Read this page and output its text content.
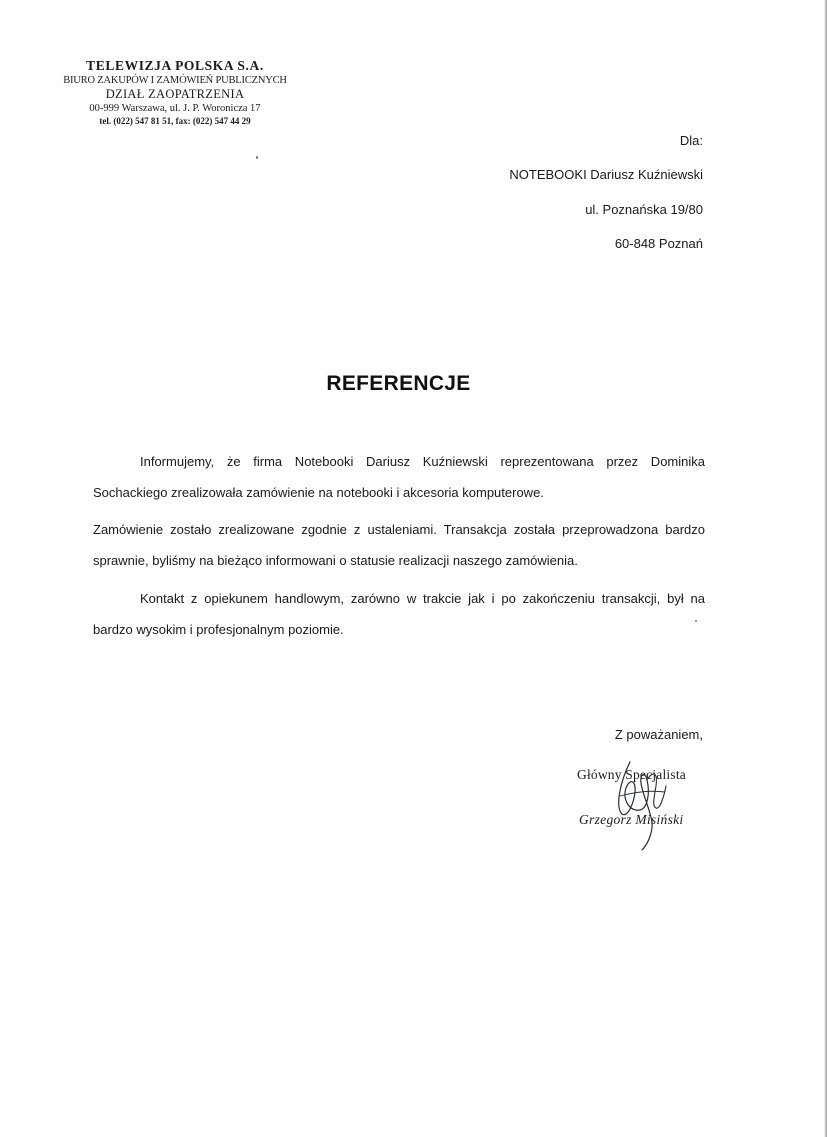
TELEWIZJA POLSKA S.A.
BIURO ZAKUPÓW I ZAMÓWIEŃ PUBLICZNYCH
DZIAŁ ZAOPATRZENIA
00-999 Warszawa, ul. J. P. Woronicza 17
tel. (022) 547 81 51, fax: (022) 547 44 29
Dla:
NOTEBOOKI Dariusz Kuźniewski
ul. Poznańska 19/80
60-848 Poznań
REFERENCJE
Informujemy, że firma Notebooki Dariusz Kuźniewski reprezentowana przez Dominika Sochackiego zrealizowała zamówienie na notebooki i akcesoria komputerowe.
Zamówienie zostało zrealizowane zgodnie z ustaleniami. Transakcja została przeprowadzona bardzo sprawnie, byliśmy na bieżąco informowani o statusie realizacji naszego zamówienia.
Kontakt z opiekunem handlowym, zarówno w trakcie jak i po zakończeniu transakcji, był na bardzo wysokim i profesjonalnym poziomie.
Z poważaniem,
Główny Specjalista
Grzegorz Misiński
